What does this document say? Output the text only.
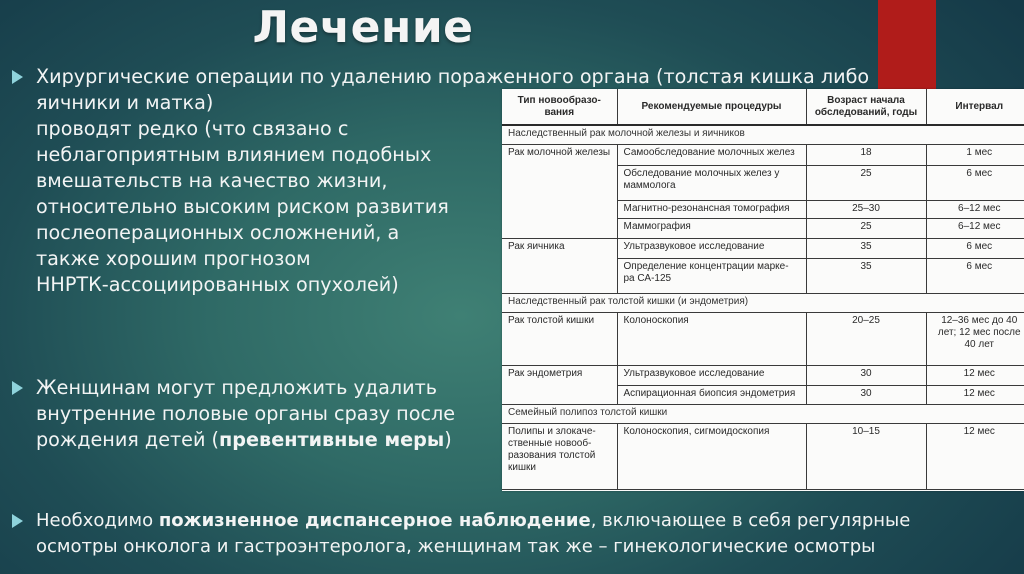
Лечение
Хирургические операции по удалению пораженного органа (толстая кишка либо
яичники и матка)
проводят редко (что связано с
неблагоприятным влиянием подобных
вмешательств на качество жизни,
относительно высоким риском развития
послеоперационных осложнений, а
также хорошим прогнозом
ННРТК-ассоциированных опухолей)
Женщинам могут предложить удалить
внутренние половые органы сразу после
рождения детей (превентивные меры)
Необходимо пожизненное диспансерное наблюдение, включающее в себя регулярные
осмотры онколога и гастроэнтеролога, женщинам так же – гинекологические осмотры
Тип новообразо-вания	Рекомендуемые процедуры	Возраст начала обследований, годы	Интервал
Наследственный рак молочной железы и яичников			
Рак молочной железы	Самообследование молочных желез	18	1 мес
	Обследование молочных желез у маммолога	25	6 мес
	Магнитно-резонансная томография	25–30	6–12 мес
	Маммография	25	6–12 мес
Рак яичника	Ультразвуковое исследование	35	6 мес
	Определение концентрации марке-ра СА-125	35	6 мес
Наследственный рак толстой кишки (и эндометрия)			
Рак толстой кишки	Колоноскопия	20–25	12–36 мес до 40 лет; 12 мес после 40 лет
Рак эндометрия	Ультразвуковое исследование	30	12 мес
	Аспирационная биопсия эндометрия	30	12 мес
Семейный полипоз толстой кишки			
Полипы и злокаче-ственные новооб-разования толстой кишки	Колоноскопия, сигмоидоскопия	10–15	12 мес
